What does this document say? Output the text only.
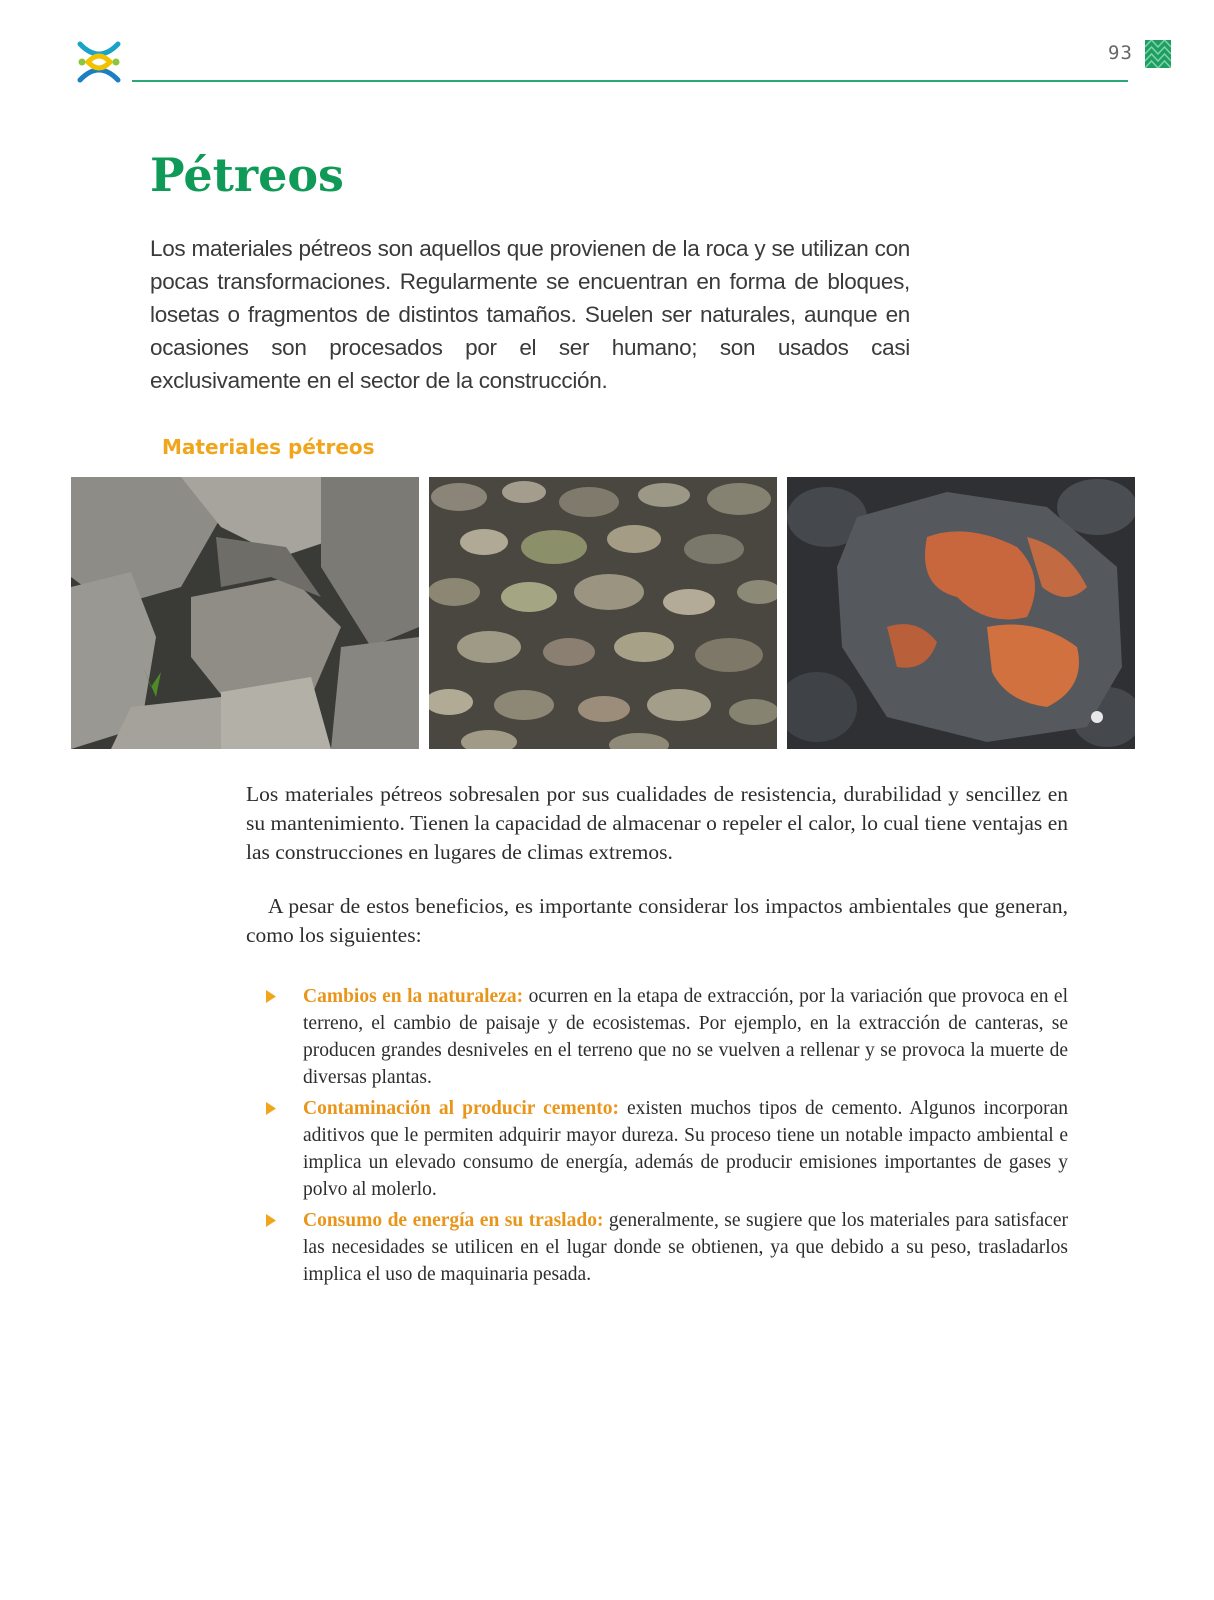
93
Pétreos

Los materiales pétreos son aquellos que provienen de la roca y se utilizan con pocas transformaciones. Regularmente se encuentran en forma de bloques, losetas o fragmentos de distintos tamaños. Suelen ser naturales, aunque en ocasiones son procesados por el ser humano; son usados casi exclusivamente en el sector de la construcción.

Materiales pétreos

Los materiales pétreos sobresalen por sus cualidades de resistencia, durabilidad y sencillez en su mantenimiento. Tienen la capacidad de almacenar o repeler el calor, lo cual tiene ventajas en las construcciones en lugares de climas extremos.

A pesar de estos beneficios, es importante considerar los impactos ambientales que generan, como los siguientes:

Cambios en la naturaleza: ocurren en la etapa de extracción, por la variación que provoca en el terreno, el cambio de paisaje y de ecosistemas. Por ejemplo, en la extracción de canteras, se producen grandes desniveles en el terreno que no se vuelven a rellenar y se provoca la muerte de diversas plantas.
Contaminación al producir cemento: existen muchos tipos de cemento. Algunos incorporan aditivos que le permiten adquirir mayor dureza. Su proceso tiene un notable impacto ambiental e implica un elevado consumo de energía, además de producir emisiones importantes de gases y polvo al molerlo.
Consumo de energía en su traslado: generalmente, se sugiere que los materiales para satisfacer las necesidades se utilicen en el lugar donde se obtienen, ya que debido a su peso, trasladarlos implica el uso de maquinaria pesada.
